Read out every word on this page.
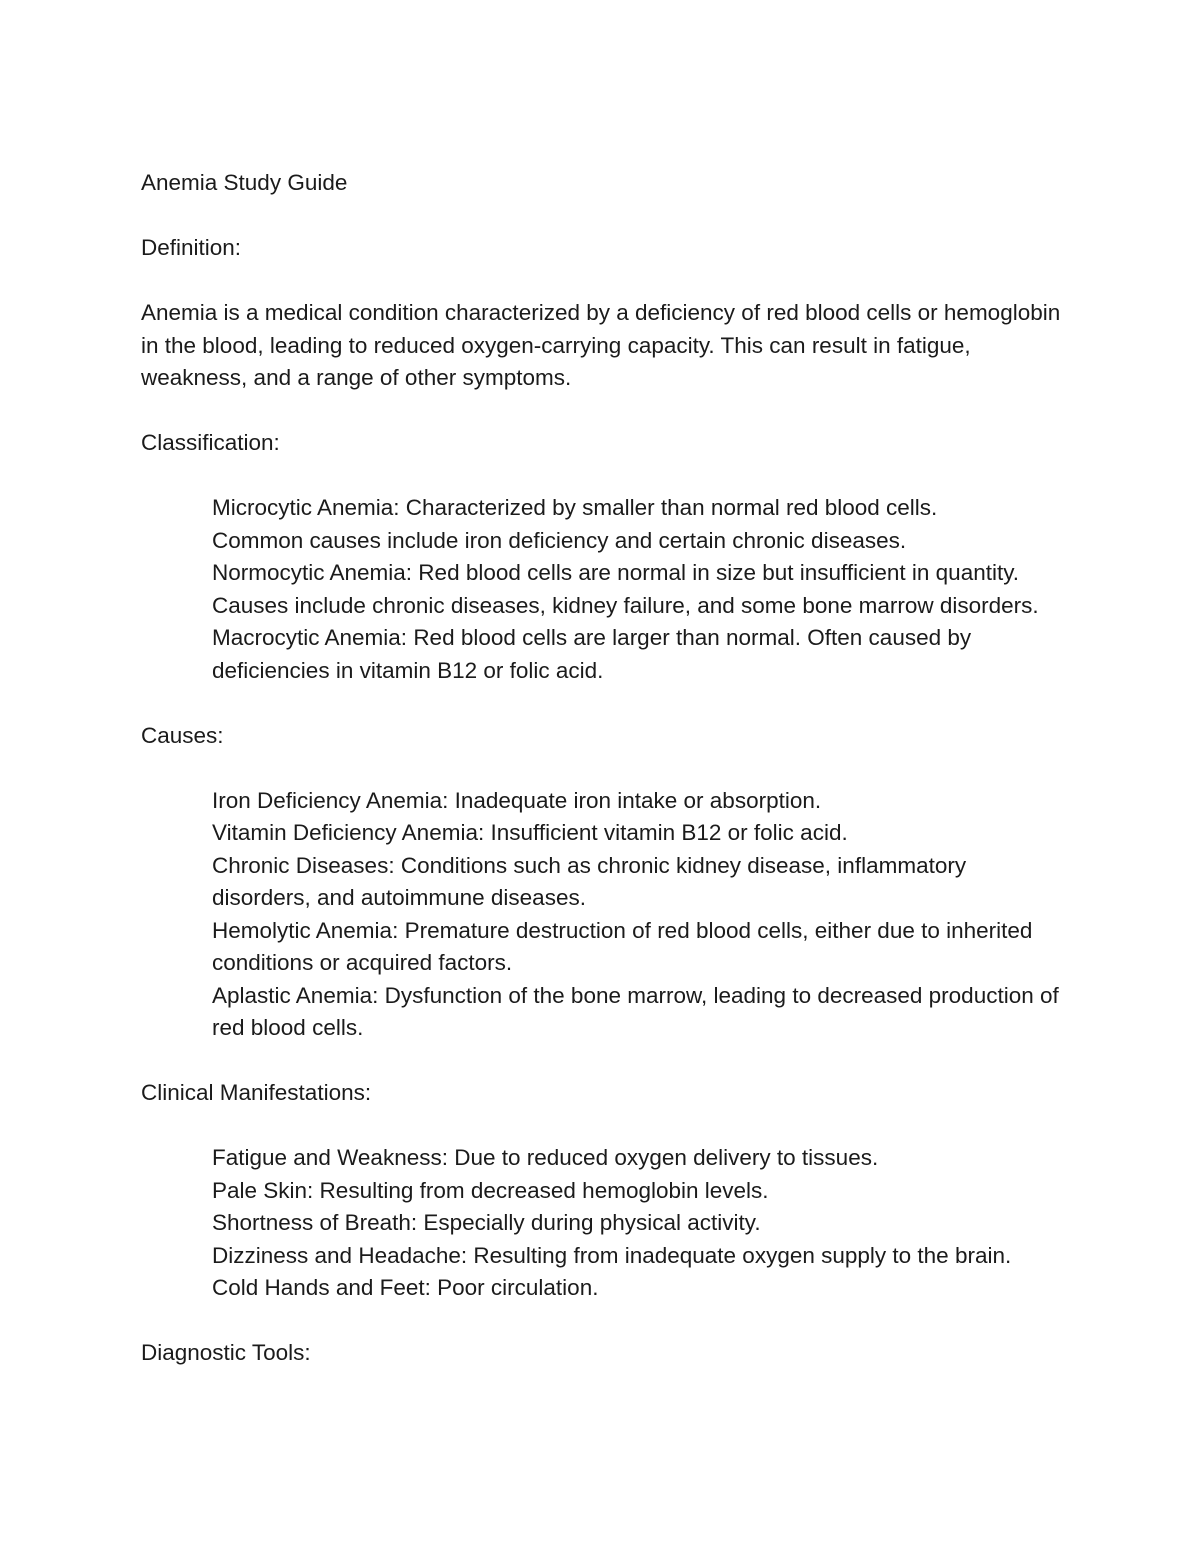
Anemia Study Guide

Definition:

Anemia is a medical condition characterized by a deficiency of red blood cells or hemoglobin in the blood, leading to reduced oxygen-carrying capacity. This can result in fatigue, weakness, and a range of other symptoms.

Classification:

Microcytic Anemia: Characterized by smaller than normal red blood cells.
Common causes include iron deficiency and certain chronic diseases.
Normocytic Anemia: Red blood cells are normal in size but insufficient in quantity. Causes include chronic diseases, kidney failure, and some bone marrow disorders.
Macrocytic Anemia: Red blood cells are larger than normal. Often caused by deficiencies in vitamin B12 or folic acid.

Causes:

Iron Deficiency Anemia: Inadequate iron intake or absorption.
Vitamin Deficiency Anemia: Insufficient vitamin B12 or folic acid.
Chronic Diseases: Conditions such as chronic kidney disease, inflammatory disorders, and autoimmune diseases.
Hemolytic Anemia: Premature destruction of red blood cells, either due to inherited conditions or acquired factors.
Aplastic Anemia: Dysfunction of the bone marrow, leading to decreased production of red blood cells.

Clinical Manifestations:

Fatigue and Weakness: Due to reduced oxygen delivery to tissues.
Pale Skin: Resulting from decreased hemoglobin levels.
Shortness of Breath: Especially during physical activity.
Dizziness and Headache: Resulting from inadequate oxygen supply to the brain.
Cold Hands and Feet: Poor circulation.

Diagnostic Tools:
